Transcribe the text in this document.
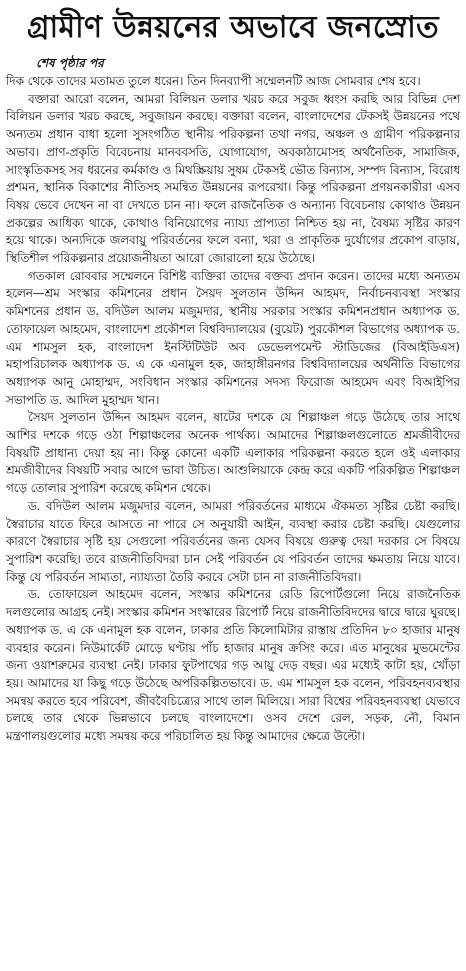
গ্রামীণ উন্নয়নের অভাবে জনস্রোত
শেষ পৃষ্ঠার পর

দিক থেকে তাদের মতামত তুলে ধরেন। তিন দিনব্যাপী সম্মেলনটি আজ সোমবার শেষ হবে।

বক্তারা আরো বলেন, আমরা বিলিয়ন ডলার খরচ করে সবুজ ধ্বংস করছি আর বিভিন্ন দেশ বিলিয়ন ডলার খরচ করছে, সবুজায়ন করছে। বক্তারা বলেন, বাংলাদেশের টেকসই উন্নয়নের পথে অন্যতম প্রধান বাধা হলো সুসংগঠিত স্থানীয় পরিকল্পনা তথা নগর, অঞ্চল ও গ্রামীণ পরিকল্পনার অভাব। প্রাণ-প্রকৃতি বিবেচনায় মানববসতি, যোগাযোগ, অবকাঠামোসহ অর্থনৈতিক, সামাজিক, সাংস্কৃতিকসহ সব ধরনের কর্মকাণ্ড ও মিথস্ক্রিয়ায় সুষম টেকসই ভৌত বিন্যাস, সম্পদ বিন্যাস, বিরোধ প্রশমন, স্থানিক বিকাশের নীতিসহ সমন্বিত উন্নয়নের রূপরেখা। কিন্তু পরিকল্পনা প্রণয়নকারীরা এসব বিষয় ভেবে দেখেন না বা দেখতে চান না। ফলে রাজনৈতিক ও অন্যান্য বিবেচনায় কোথাও উন্নয়ন প্রকল্পের আধিক্য থাকে, কোথাও বিনিয়োগের ন্যায্য প্রাপ্যতা নিশ্চিত হয় না, বৈষম্য সৃষ্টির কারণ হয়ে থাকে। অন্যদিকে জলবায়ু পরিবর্তনের ফলে বন্যা, খরা ও প্রাকৃতিক দুর্যোগের প্রকোপ বাড়ায়, স্থিতিশীল পরিকল্পনার প্রয়োজনীয়তা আরো জোরালো হয়ে উঠেছে।

গতকাল রোববার সম্মেলনে বিশিষ্ট ব্যক্তিরা তাদের বক্তব্য প্রদান করেন। তাদের মধ্যে অন্যতম হলেন—শ্রম সংস্কার কমিশনের প্রধান সৈয়দ সুলতান উদ্দিন আহমদ, নির্বাচনব্যবস্থা সংস্কার কমিশনের প্রধান ড. বদিউল আলম মজুমদার, স্থানীয় সরকার সংস্কার কমিশনপ্রধান অধ্যাপক ড. তোফায়েল আহমেদ, বাংলাদেশ প্রকৌশল বিশ্ববিদ্যালয়ের (বুয়েট) পুরকৌশল বিভাগের অধ্যাপক ড. এম শামসুল হক, বাংলাদেশ ইনস্টিটিউট অব ডেভেলপমেন্ট স্টাডিজের (বিআইডিএস) মহাপরিচালক অধ্যাপক ড. এ কে এনামুল হক, জাহাঙ্গীরনগর বিশ্ববিদ্যালয়ের অর্থনীতি বিভাগের অধ্যাপক আনু মোহাম্মদ, সংবিধান সংস্কার কমিশনের সদস্য ফিরোজ আহমেদ এবং বিআইপির সভাপতি ড. আদিল মুহাম্মদ খান।

সৈয়দ সুলতান উদ্দিন আহমদ বলেন, ষাটের দশকে যে শিল্পাঞ্চল গড়ে উঠেছে তার সাথে আশির দশকে গড়ে ওঠা শিল্পাঞ্চলের অনেক পার্থক্য। আমাদের শিল্পাঞ্চলগুলোতে শ্রমজীবীদের বিষয়টি প্রাধান্য দেয়া হয় না। কিন্তু কোনো একটি এলাকার পরিকল্পনা করতে হলে ওই এলাকার শ্রমজীবীদের বিষয়টি সবার আগে ভাবা উচিত। আশুলিয়াকে কেন্দ্র করে একটি পরিকল্পিত শিল্পাঞ্চল গড়ে তোলার সুপারিশ করেছে কমিশন থেকে।

ড. বদিউল আলম মজুমদার বলেন, আমরা পরিবর্তনের মাধ্যমে ঐকমত্য সৃষ্টির চেষ্টা করছি। স্বৈরাচার যাতে ফিরে আসতে না পারে সে অনুযায়ী আইন, ব্যবস্থা করার চেষ্টা করছি। যেগুলোর কারণে স্বৈরাচার সৃষ্টি হয় সেগুলো পরিবর্তনের জন্য যেসব বিষয়ে গুরুত্ব দেয়া দরকার সে বিষয়ে সুপারিশ করেছি। তবে রাজনীতিবিদরা চান সেই পরিবর্তন যে পরিবর্তন তাদের ক্ষমতায় নিয়ে যাবে। কিন্তু যে পরিবর্তন সাম্যতা, ন্যায্যতা তৈরি করবে সেটা চান না রাজনীতিবিদরা।

ড. তোফায়েল আহমেদ বলেন, সংস্কার কমিশনের রেডি রিপোর্টগুলো নিয়ে রাজনৈতিক দলগুলোর আগ্রহ নেই। সংস্কার কমিশন সংস্কারের রিপোর্ট নিয়ে রাজনীতিবিদদের দ্বারে দ্বারে ঘুরছে। অধ্যাপক ড. এ কে এনামুল হক বলেন, ঢাকার প্রতি কিলোমিটার রাস্তায় প্রতিদিন ৮০ হাজার মানুষ ব্যবহার করেন। নিউমার্কেট মোড়ে ঘণ্টায় পাঁচ হাজার মানুষ ক্রসিং করে। এত মানুষের মুভমেন্টের জন্য ওয়াশরুমের ব্যবস্থা নেই। ঢাকার ফুটপাথের গড় আয়ু দেড় বছর। এর মধ্যেই কাটা হয়, খোঁড়া হয়। আমাদের যা কিছু গড়ে উঠেছে অপরিকল্পিতভাবে। ড. এম শামসুল হক বলেন, পরিবহনব্যবস্থার সমন্বয় করতে হবে পরিবেশ, জীববৈচিত্র্যের সাথে তাল মিলিয়ে। সারা বিশ্বের পরিবহনব্যবস্থা যেভাবে চলছে তার থেকে ভিন্নভাবে চলছে বাংলাদেশে। ওসব দেশে রেল, সড়ক, নৌ, বিমান মন্ত্রণালয়গুলোর মধ্যে সমন্বয় করে পরিচালিত হয় কিন্তু আমাদের ক্ষেত্রে উল্টো।
